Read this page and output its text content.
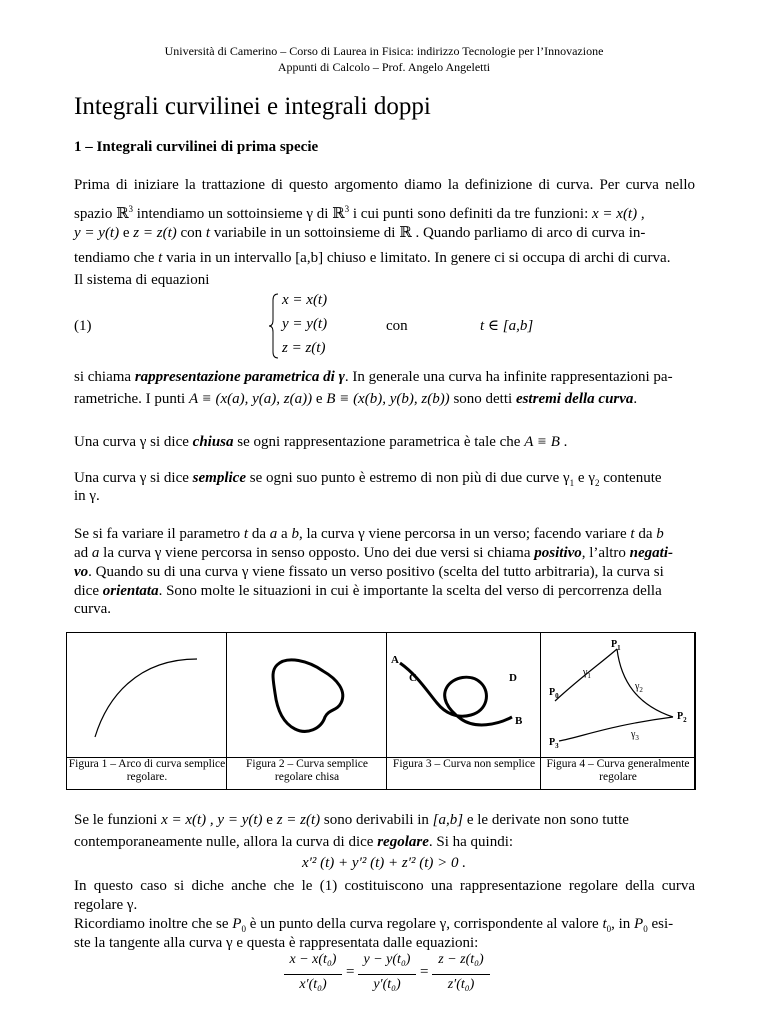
Università di Camerino – Corso di Laurea in Fisica: indirizzo Tecnologie per l’Innovazione
Appunti di Calcolo – Prof. Angelo Angeletti
Integrali curvilinei e integrali doppi
1 – Integrali curvilinei di prima specie
Prima di iniziare la trattazione di questo argomento diamo la definizione di curva. Per curva nello
spazio ℝ$^3$ intendiamo un sottoinsieme γ di ℝ$^3$ i cui punti sono definiti da tre funzioni: x = x(t) ,
y = y(t) e z = z(t) con t variabile in un sottoinsieme di ℝ . Quando parliamo di arco di curva in-
tendiamo che t varia in un intervallo [a,b] chiuso e limitato. In genere ci si occupa di archi di curva.
Il sistema di equazioni
(1)
x = x(t)
y = y(t)
z = z(t)
con	t ∈ [a,b]
si chiama rappresentazione parametrica di γ. In generale una curva ha infinite rappresentazioni pa-
rametriche. I punti A ≡ (x(a), y(a), z(a)) e B ≡ (x(b), y(b), z(b)) sono detti estremi della curva.
Una curva γ si dice chiusa se ogni rappresentazione parametrica è tale che A ≡ B .
Una curva γ si dice semplice se ogni suo punto è estremo di non più di due curve $\gamma_1$ e $\gamma_2$ contenute
in γ.
Se si fa variare il parametro t da a a b, la curva γ viene percorsa in un verso; facendo variare t da b
ad a la curva γ viene percorsa in senso opposto. Uno dei due versi si chiama positivo, l’altro negati-
vo. Quando su di una curva γ viene fissato un verso positivo (scelta del tutto arbitraria), la curva si
dice orientata. Sono molte le situazioni in cui è importante la scelta del verso di percorrenza della
curva.
A
C	D
B
$P_1$
$P_0$
$P_2$
$P_3$
$\gamma_1$
$\gamma_2$
$\gamma_3$
Figura 1 – Arco di curva semplice regolare.
Figura 2 – Curva semplice regolare chisa
Figura 3 – Curva non semplice Figura 4 – Curva generalmente regolare
Se le funzioni x = x(t) , y = y(t) e z = z(t) sono derivabili in [a,b] e le derivate non sono tutte
contemporaneamente nulle, allora la curva di dice regolare. Si ha quindi:
x′² (t) + y′² (t) + z′² (t) > 0 .
In questo caso si diche anche che le (1) costituiscono una rappresentazione regolare della curva
regolare γ.
Ricordiamo inoltre che se $P_0$ è un punto della curva regolare γ, corrispondente al valore $t_0$, in $P_0$ esi-
ste la tangente alla curva γ e questa è rappresentata dalle equazioni:
x − x(t₀)
x′(t₀)
=
y − y(t₀)
y′(t₀)
=
z − z(t₀)
z′(t₀)
